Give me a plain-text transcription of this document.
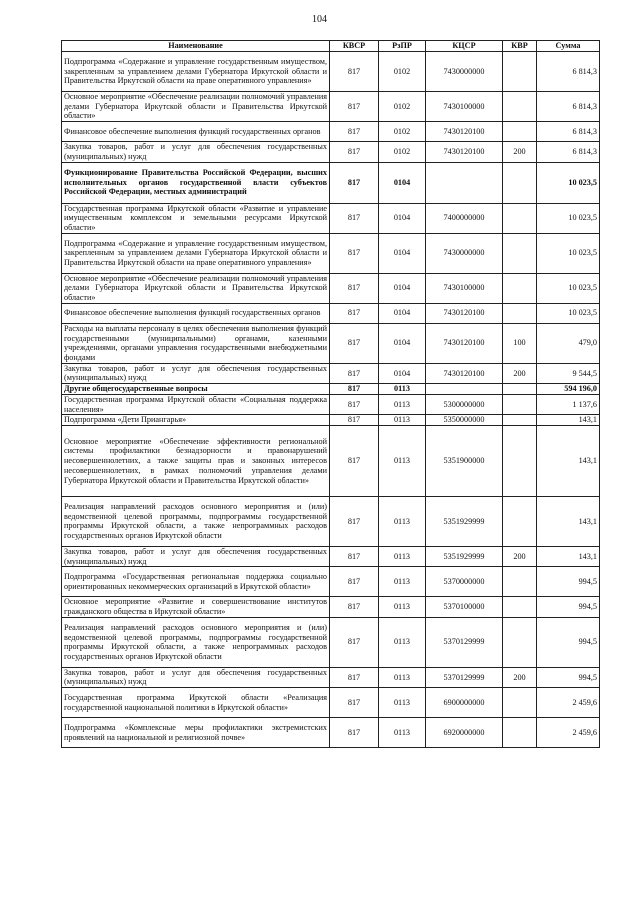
104
Наименование	КВСР	РзПР	КЦСР	КВР	Сумма
Подпрограмма «Содержание и управление государственным имуществом, закрепленным за управлением делами Губернатора Иркутской области и Правительства Иркутской области на праве оперативного управления»	817	0102	7430000000		6 814,3
Основное мероприятие «Обеспечение реализации полномочий управления делами Губернатора Иркутской области и Правительства Иркутской области»	817	0102	7430100000		6 814,3
Финансовое обеспечение выполнения функций государственных органов	817	0102	7430120100		6 814,3
Закупка товаров, работ и услуг для обеспечения государственных (муниципальных) нужд	817	0102	7430120100	200	6 814,3
Функционирование Правительства Российской Федерации, высших исполнительных органов государственной власти субъектов Российской Федерации, местных администраций	817	0104			10 023,5
Государственная программа Иркутской области «Развитие и управление имущественным комплексом и земельными ресурсами Иркутской области»	817	0104	7400000000		10 023,5
Подпрограмма «Содержание и управление государственным имуществом, закрепленным за управлением делами Губернатора Иркутской области и Правительства Иркутской области на праве оперативного управления»	817	0104	7430000000		10 023,5
Основное мероприятие «Обеспечение реализации полномочий управления делами Губернатора Иркутской области и Правительства Иркутской области»	817	0104	7430100000		10 023,5
Финансовое обеспечение выполнения функций государственных органов	817	0104	7430120100		10 023,5
Расходы на выплаты персоналу в целях обеспечения выполнения функций государственными (муниципальными) органами, казенными учреждениями, органами управления государственными внебюджетными фондами	817	0104	7430120100	100	479,0
Закупка товаров, работ и услуг для обеспечения государственных (муниципальных) нужд	817	0104	7430120100	200	9 544,5
Другие общегосударственные вопросы	817	0113			594 196,0
Государственная программа Иркутской области «Социальная поддержка населения»	817	0113	5300000000		1 137,6
Подпрограмма «Дети Приангарья»	817	0113	5350000000		143,1
Основное мероприятие «Обеспечение эффективности региональной системы профилактики безнадзорности и правонарушений несовершеннолетних, а также защиты прав и законных интересов несовершеннолетних, в рамках полномочий управления делами Губернатора Иркутской области и Правительства Иркутской области»	817	0113	5351900000		143,1
Реализация направлений расходов основного мероприятия и (или) ведомственной целевой программы, подпрограммы государственной программы Иркутской области, а также непрограммных расходов государственных органов Иркутской области	817	0113	5351929999		143,1
Закупка товаров, работ и услуг для обеспечения государственных (муниципальных) нужд	817	0113	5351929999	200	143,1
Подпрограмма «Государственная региональная поддержка социально ориентированных некоммерческих организаций в Иркутской области»	817	0113	5370000000		994,5
Основное мероприятие «Развитие и совершенствование институтов гражданского общества в Иркутской области»	817	0113	5370100000		994,5
Реализация направлений расходов основного мероприятия и (или) ведомственной целевой программы, подпрограммы государственной программы Иркутской области, а также непрограммных расходов государственных органов Иркутской области	817	0113	5370129999		994,5
Закупка товаров, работ и услуг для обеспечения государственных (муниципальных) нужд	817	0113	5370129999	200	994,5
Государственная программа Иркутской области «Реализация государственной национальной политики в Иркутской области»	817	0113	6900000000		2 459,6
Подпрограмма «Комплексные меры профилактики экстремистских проявлений на национальной и религиозной почве»	817	0113	6920000000		2 459,6
